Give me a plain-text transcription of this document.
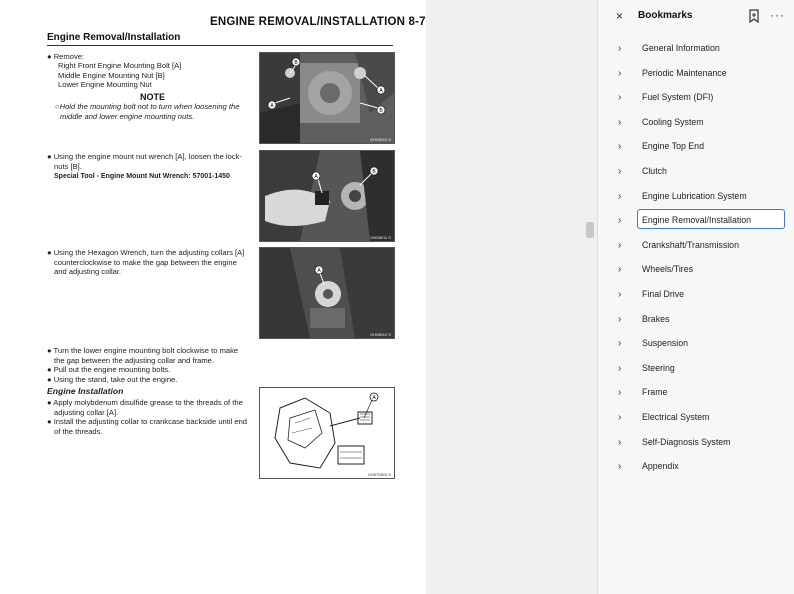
ENGINE REMOVAL/INSTALLATION 8-7
Engine Removal/Installation
● Remove:
Right Front Engine Mounting Bolt [A]
Middle Engine Mounting Nut [B]
Lower Engine Mounting Nut
NOTE
○Hold the mounting bolt not to turn when loosening the
middle and lower engine mounting nuts.
● Using the engine mount nut wrench [A], loosen the lock-
nuts [B].
Special Tool - Engine Mount Nut Wrench: 57001-1450
● Using the Hexagon Wrench, turn the adjusting collars [A]
counterclockwise to make the gap between the engine
and adjusting collar.
● Turn the lower engine mounting bolt clockwise to make
the gap between the adjusting collar and frame.
● Pull out the engine mounting bolts.
● Using the stand, take out the engine.
Engine Installation
● Apply molybdenum disulfide grease to the threads of the
adjusting collar [A].
● Install the adjusting collar to crankcase backside until end
of the threads.
B
A
A
B
GH08010 S
A
B
GH08011 S
A
GH08012 S
A
GH070803 S
× Bookmarks	···
› General Information
› Periodic Maintenance
› Fuel System (DFI)
› Cooling System
› Engine Top End
› Clutch
› Engine Lubrication System
› Engine Removal/Installation
› Crankshaft/Transmission
› Wheels/Tires
› Final Drive
› Brakes
› Suspension
› Steering
› Frame
› Electrical System
› Self-Diagnosis System
› Appendix
